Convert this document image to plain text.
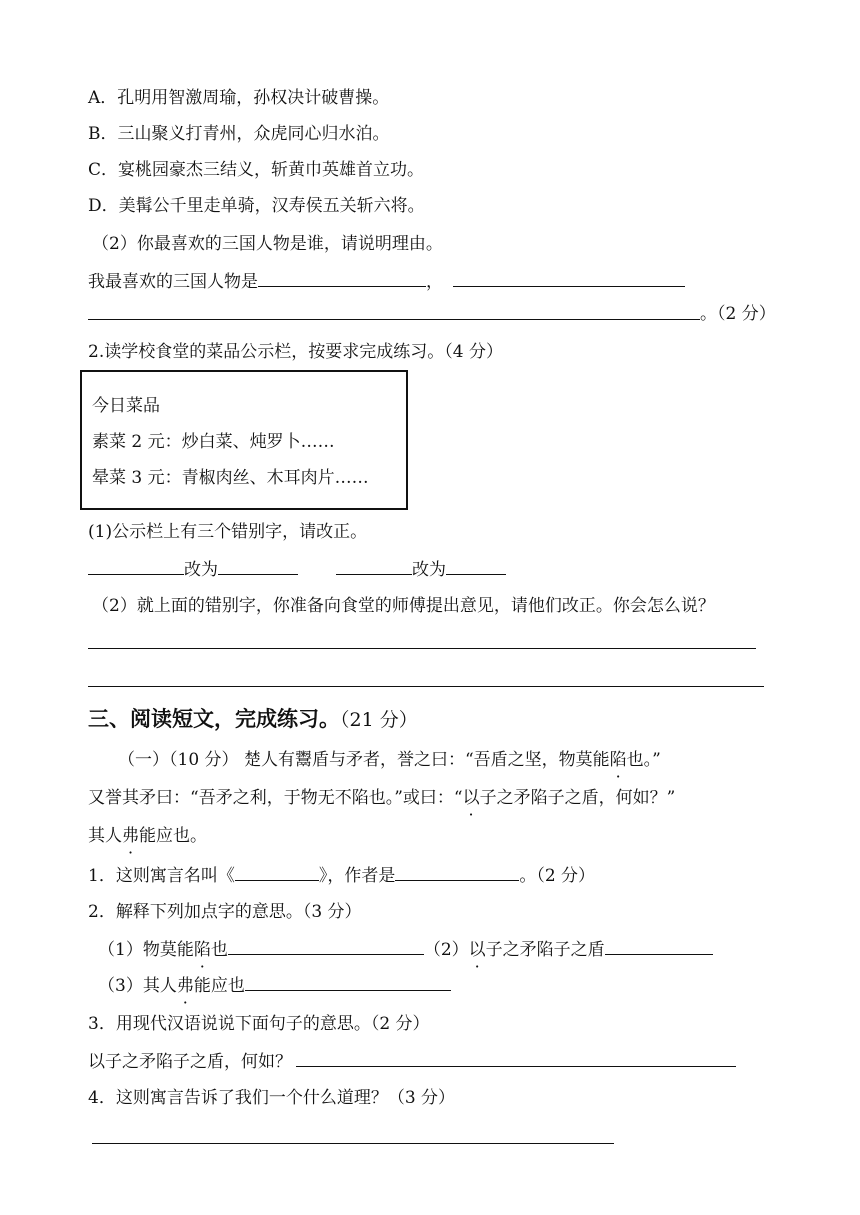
A．孔明用智激周瑜，孙权决计破曹操。
B．三山聚义打青州，众虎同心归水泊。
C．宴桃园豪杰三结义，斩黄巾英雄首立功。
D．美髯公千里走单骑，汉寿侯五关斩六将。
（2）你最喜欢的三国人物是谁，请说明理由。
我最喜欢的三国人物是	，
。（2 分）
2.读学校食堂的菜品公示栏，按要求完成练习。（4 分）
今日菜品
素菜 2 元：炒白菜、炖罗卜……
晕菜 3 元：青椒肉丝、木耳肉片……
(1)公示栏上有三个错别字，请改正。
改为	改为
（2）就上面的错别字，你准备向食堂的师傅提出意见，请他们改正。你会怎么说？
三、阅读短文，完成练习。（21 分）
（一）（10 分） 楚人有鬻盾与矛者，誉之曰：“吾盾之坚，物莫能陷也。”
又誉其矛曰：“吾矛之利，于物无不陷也。”或曰：“以子之矛陷子之盾，何如？”
其人弗能应也。
1．这则寓言名叫《	》，作者是	。（2 分）
2．解释下列加点字的意思。（3 分）
（1）物莫能陷也	（2）以子之矛陷子之盾
（3）其人弗能应也
3．用现代汉语说说下面句子的意思。（2 分）
以子之矛陷子之盾，何如？
4．这则寓言告诉了我们一个什么道理？（3 分）
